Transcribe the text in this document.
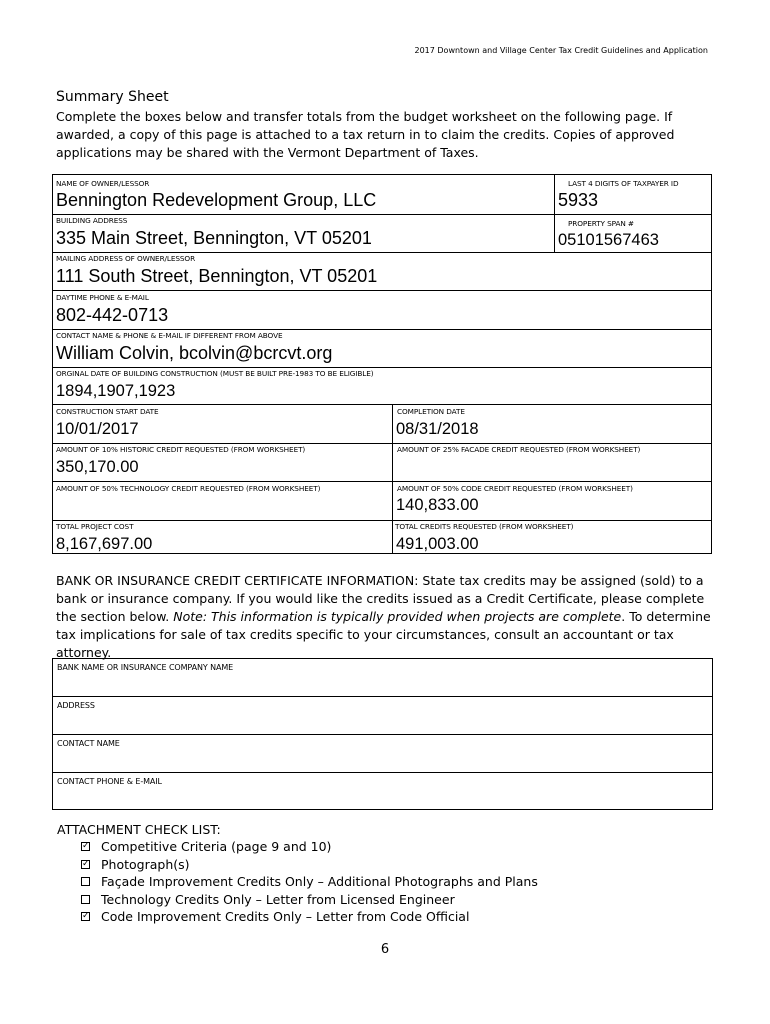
2017 Downtown and Village Center Tax Credit Guidelines and Application
Summary Sheet
Complete the boxes below and transfer totals from the budget worksheet on the following page. If awarded, a copy of this page is attached to a tax return in to claim the credits. Copies of approved applications may be shared with the Vermont Department of Taxes.
NAME OF OWNER/LESSOR
Bennington Redevelopment Group, LLC
LAST 4 DIGITS OF TAXPAYER ID
5933
BUILDING ADDRESS
335 Main Street, Bennington, VT 05201
PROPERTY SPAN #
05101567463
MAILING ADDRESS OF OWNER/LESSOR
111 South Street, Bennington, VT 05201
DAYTIME PHONE & E-MAIL
802-442-0713
CONTACT NAME & PHONE & E-MAIL IF DIFFERENT FROM ABOVE
William Colvin, bcolvin@bcrcvt.org
ORGINAL DATE OF BUILDING CONSTRUCTION (MUST BE BUILT PRE-1983 TO BE ELIGIBLE)
1894,1907,1923
CONSTRUCTION START DATE
10/01/2017
COMPLETION DATE
08/31/2018
AMOUNT OF 10% HISTORIC CREDIT REQUESTED (FROM WORKSHEET)
350,170.00
AMOUNT OF 25% FACADE CREDIT REQUESTED (FROM WORKSHEET)
AMOUNT OF 50% TECHNOLOGY CREDIT REQUESTED (FROM WORKSHEET)	AMOUNT OF 50% CODE CREDIT REQUESTED (FROM WORKSHEET)
140,833.00
TOTAL PROJECT COST
8,167,697.00
TOTAL CREDITS REQUESTED (FROM WORKSHEET)
491,003.00
BANK OR INSURANCE CREDIT CERTIFICATE INFORMATION: State tax credits may be assigned (sold) to a bank or insurance company. If you would like the credits issued as a Credit Certificate, please complete the section below. Note: This information is typically provided when projects are complete. To determine tax implications for sale of tax credits specific to your circumstances, consult an accountant or tax attorney.
BANK NAME OR INSURANCE COMPANY NAME
ADDRESS
CONTACT NAME
CONTACT PHONE & E-MAIL
ATTACHMENT CHECK LIST:
✓ Competitive Criteria (page 9 and 10)
✓ Photograph(s)
Façade Improvement Credits Only – Additional Photographs and Plans
Technology Credits Only – Letter from Licensed Engineer
✓ Code Improvement Credits Only – Letter from Code Official
6
